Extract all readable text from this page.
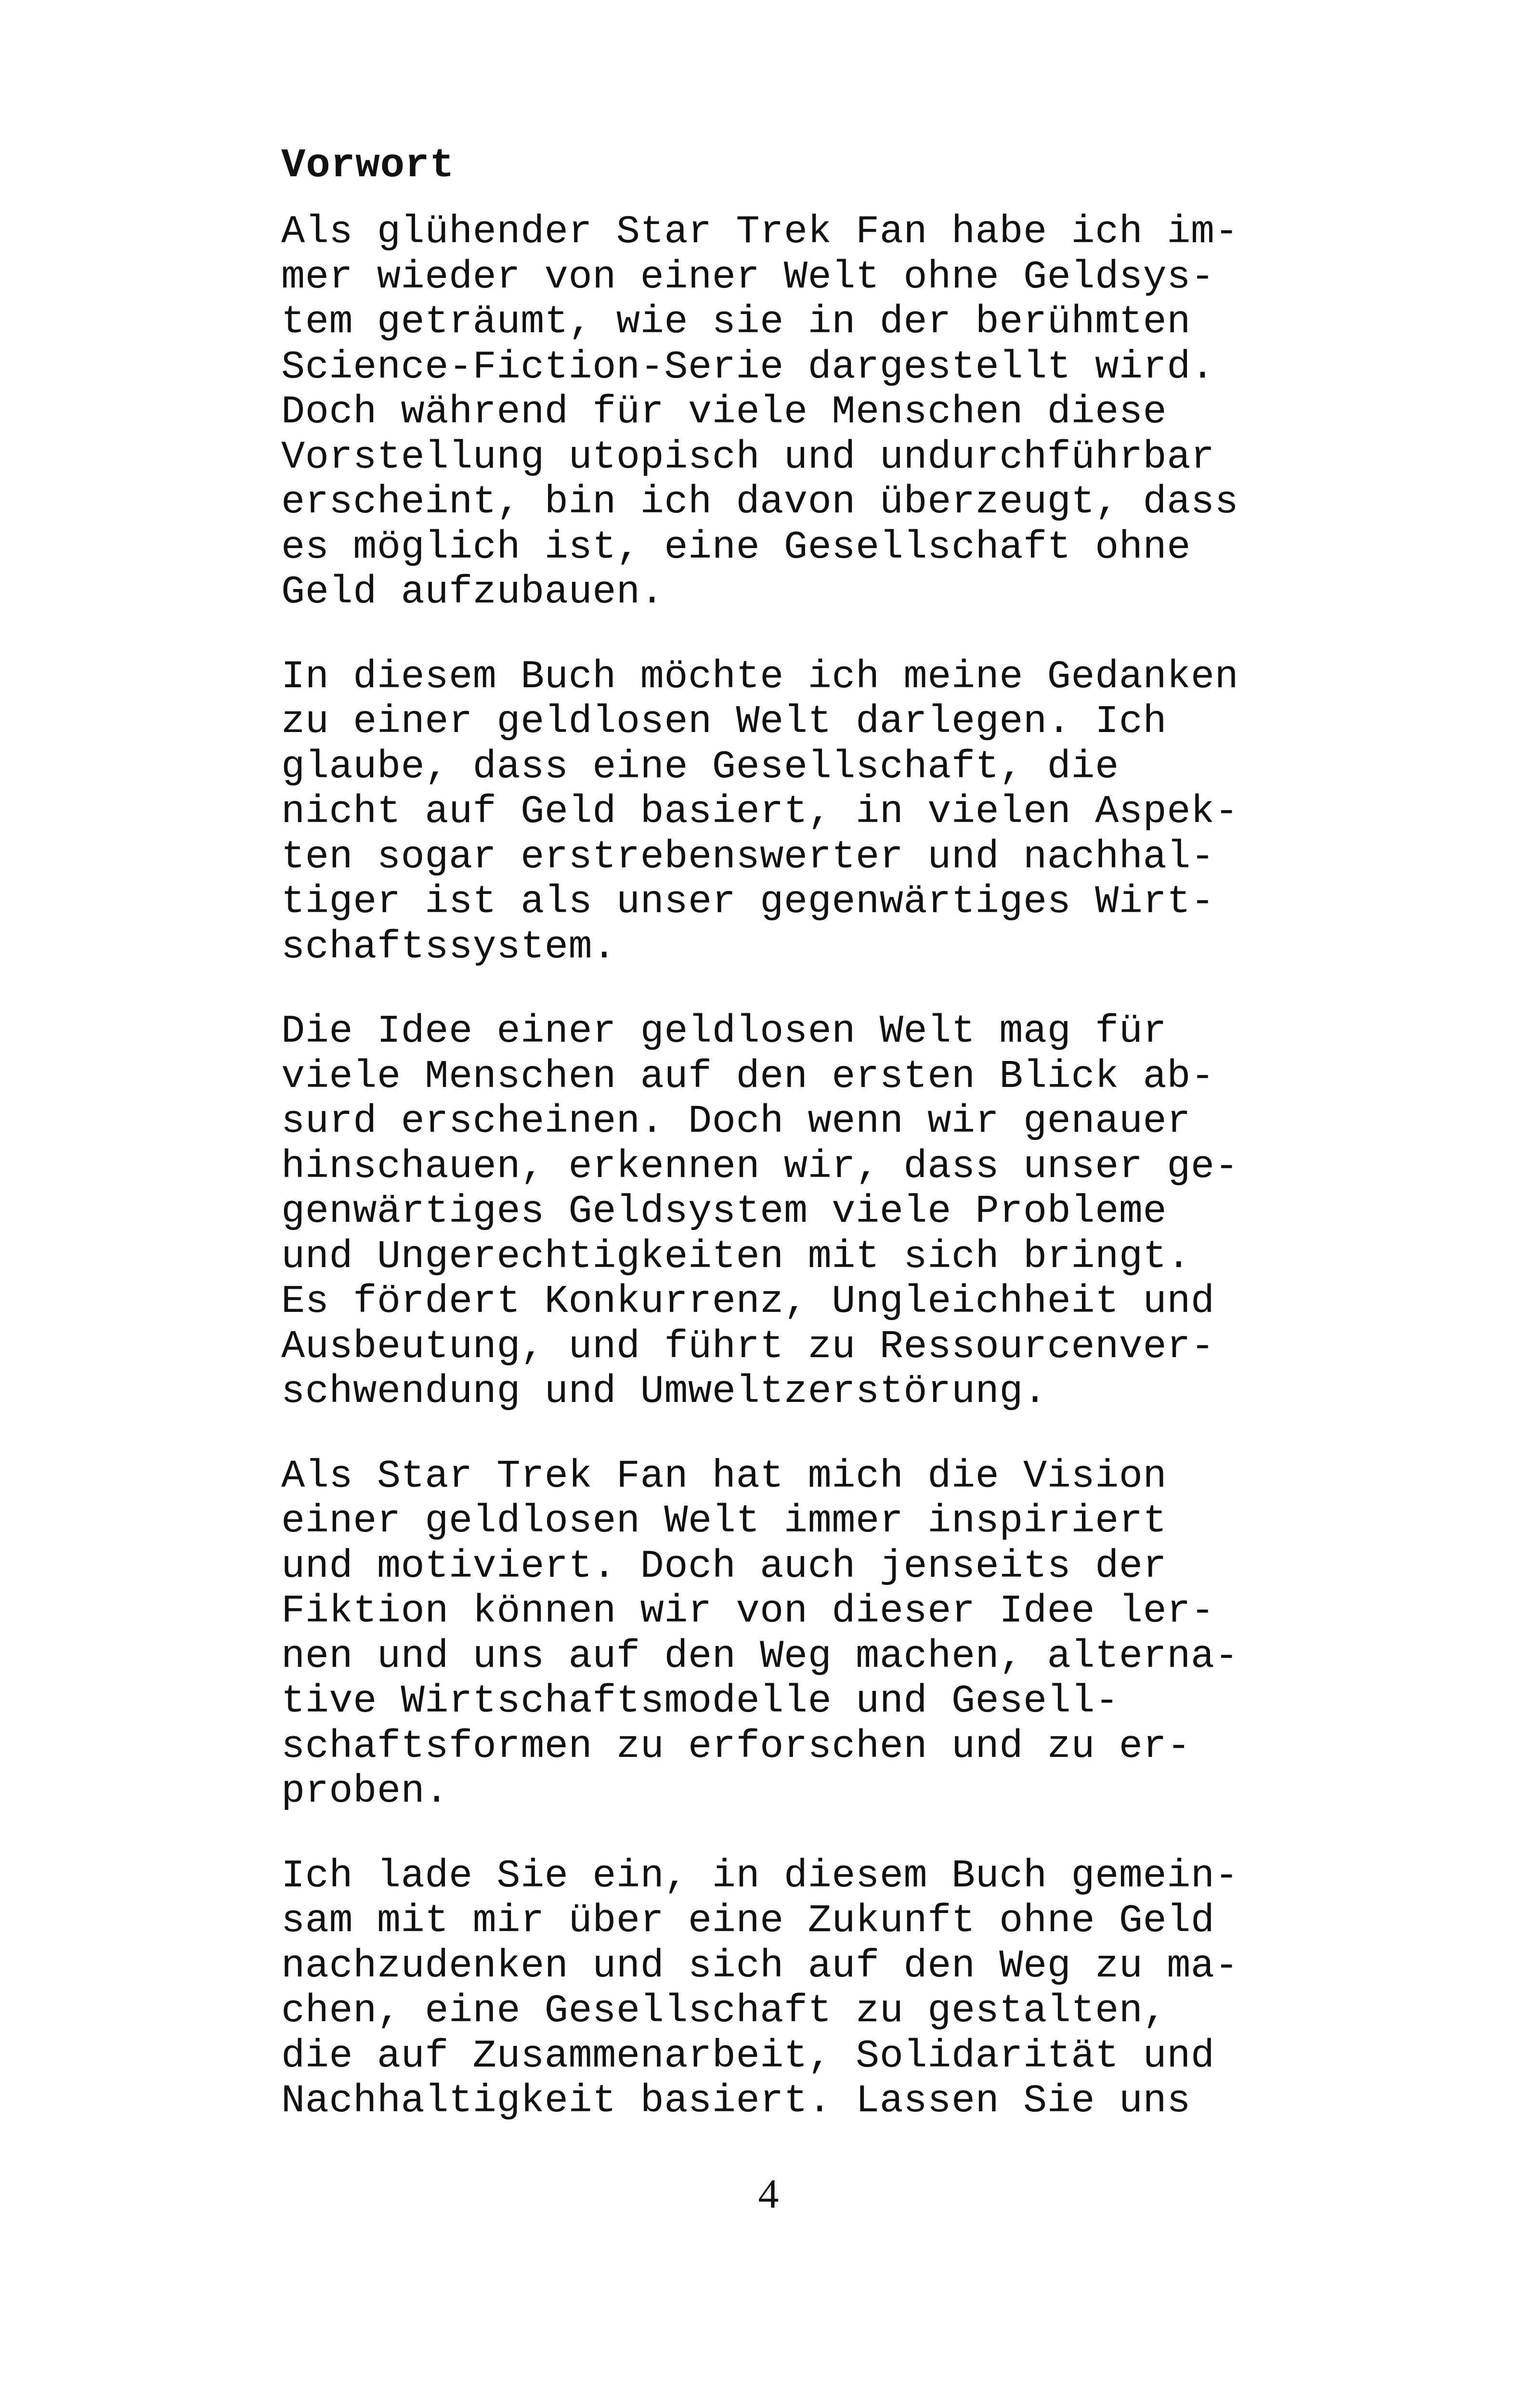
Vorwort

Als glühender Star Trek Fan habe ich im-
mer wieder von einer Welt ohne Geldsys-
tem geträumt, wie sie in der berühmten
Science-Fiction-Serie dargestellt wird.
Doch während für viele Menschen diese
Vorstellung utopisch und undurchführbar
erscheint, bin ich davon überzeugt, dass
es möglich ist, eine Gesellschaft ohne
Geld aufzubauen.

In diesem Buch möchte ich meine Gedanken
zu einer geldlosen Welt darlegen. Ich
glaube, dass eine Gesellschaft, die
nicht auf Geld basiert, in vielen Aspek-
ten sogar erstrebenswerter und nachhal-
tiger ist als unser gegenwärtiges Wirt-
schaftssystem.

Die Idee einer geldlosen Welt mag für
viele Menschen auf den ersten Blick ab-
surd erscheinen. Doch wenn wir genauer
hinschauen, erkennen wir, dass unser ge-
genwärtiges Geldsystem viele Probleme
und Ungerechtigkeiten mit sich bringt.
Es fördert Konkurrenz, Ungleichheit und
Ausbeutung, und führt zu Ressourcenver-
schwendung und Umweltzerstörung.

Als Star Trek Fan hat mich die Vision
einer geldlosen Welt immer inspiriert
und motiviert. Doch auch jenseits der
Fiktion können wir von dieser Idee ler-
nen und uns auf den Weg machen, alterna-
tive Wirtschaftsmodelle und Gesell-
schaftsformen zu erforschen und zu er-
proben.

Ich lade Sie ein, in diesem Buch gemein-
sam mit mir über eine Zukunft ohne Geld
nachzudenken und sich auf den Weg zu ma-
chen, eine Gesellschaft zu gestalten,
die auf Zusammenarbeit, Solidarität und
Nachhaltigkeit basiert. Lassen Sie uns

4
